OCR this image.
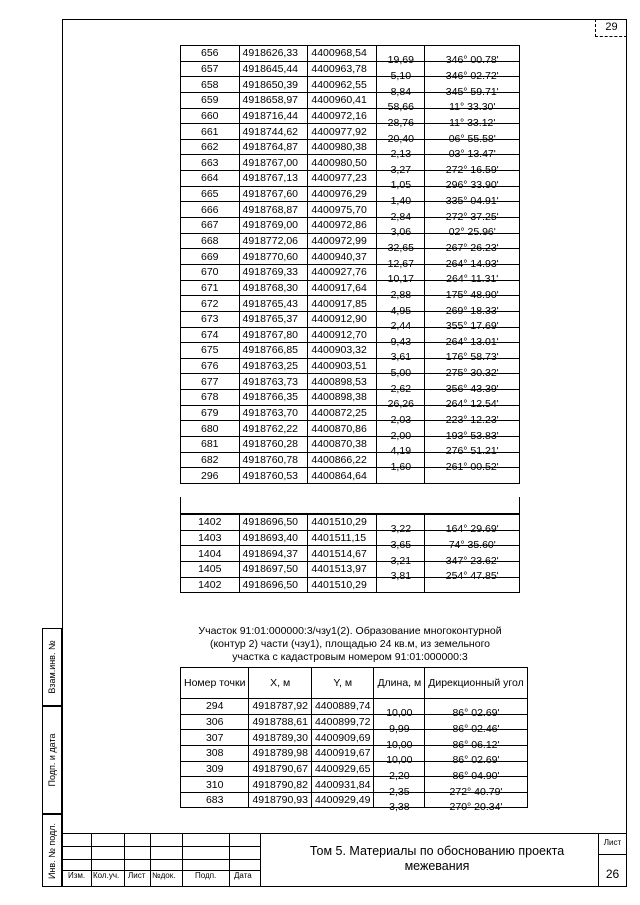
29
Взам.инв. №
Подп. и дата
Инв. № подл.
656	4918626,33	4400968,54	19,69	346° 00.78'
657	4918645,44	4400963,78	5,10	346° 02.72'
658	4918650,39	4400962,55	8,84	345° 59.71'
659	4918658,97	4400960,41	58,66	11° 33.30'
660	4918716,44	4400972,16	28,76	11° 33.12'
661	4918744,62	4400977,92	20,40	06° 55.58'
662	4918764,87	4400980,38	2,13	03° 13.47'
663	4918767,00	4400980,50	3,27	272° 16.59'
664	4918767,13	4400977,23	1,05	296° 33.90'
665	4918767,60	4400976,29	1,40	335° 04.91'
666	4918768,87	4400975,70	2,84	272° 37.25'
667	4918769,00	4400972,86	3,06	02° 25.96'
668	4918772,06	4400972,99	32,65	267° 26.23'
669	4918770,60	4400940,37	12,67	264° 14.93'
670	4918769,33	4400927,76	10,17	264° 11.31'
671	4918768,30	4400917,64	2,88	175° 48.90'
672	4918765,43	4400917,85	4,95	269° 18.33'
673	4918765,37	4400912,90	2,44	355° 17.69'
674	4918767,80	4400912,70	9,43	264° 13.01'
675	4918766,85	4400903,32	3,61	176° 58.73'
676	4918763,25	4400903,51	5,00	275° 30.32'
677	4918763,73	4400898,53	2,62	356° 43.39'
678	4918766,35	4400898,38	26,26	264° 12.54'
679	4918763,70	4400872,25	2,03	223° 12.23'
680	4918762,22	4400870,86	2,00	193° 53.83'
681	4918760,28	4400870,38	4,19	276° 51.21'
682	4918760,78	4400866,22	1,60	261° 00.52'
296	4918760,53	4400864,64		
1402	4918696,50	4401510,29	3,22	164° 29.69'
1403	4918693,40	4401511,15	3,65	74° 35.60'
1404	4918694,37	4401514,67	3,21	347° 23.62'
1405	4918697,50	4401513,97	3,81	254° 47.85'
1402	4918696,50	4401510,29		
Участок 91:01:000000:3/чзу1(2). Образование многоконтурной
(контур 2) части (чзу1), площадью 24 кв.м, из земельного
участка с кадастровым номером 91:01:000000:3
Номер точки	X, м	Y, м	Длина, м	Дирекционный угол
294	4918787,92	4400889,74	10,00	86° 02.69'
306	4918788,61	4400899,72	9,99	86° 02.46'
307	4918789,30	4400909,69	10,00	86° 06.12'
308	4918789,98	4400919,67	10,00	86° 02.69'
309	4918790,67	4400929,65	2,20	86° 04.90'
310	4918790,82	4400931,84	2,35	272° 40.79'
683	4918790,93	4400929,49	3,38	270° 20.34'
Изм. Кол.уч. Лист №док. Подп. Дата
Том 5. Материалы по обоснованию проекта
межевания
Лист
26
